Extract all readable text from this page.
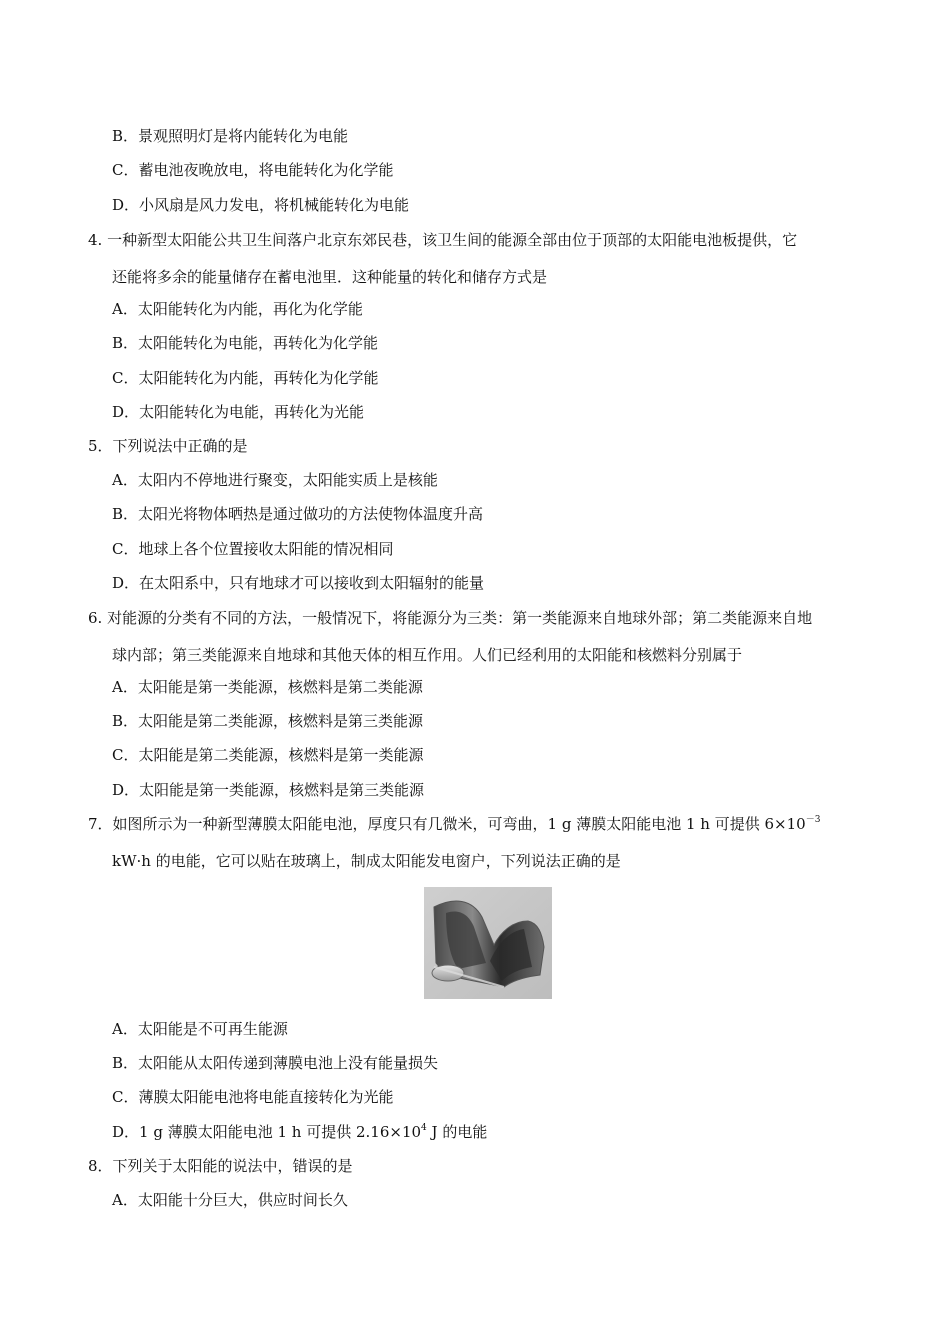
B．景观照明灯是将内能转化为电能
C．蓄电池夜晚放电，将电能转化为化学能
D．小风扇是风力发电，将机械能转化为电能
4. 一种新型太阳能公共卫生间落户北京东郊民巷，该卫生间的能源全部由位于顶部的太阳能电池板提供，它
还能将多余的能量储存在蓄电池里．这种能量的转化和储存方式是
A．太阳能转化为内能，再化为化学能
B．太阳能转化为电能，再转化为化学能
C．太阳能转化为内能，再转化为化学能
D．太阳能转化为电能，再转化为光能
5．下列说法中正确的是
A．太阳内不停地进行聚变，太阳能实质上是核能
B．太阳光将物体晒热是通过做功的方法使物体温度升高
C．地球上各个位置接收太阳能的情况相同
D．在太阳系中，只有地球才可以接收到太阳辐射的能量
6. 对能源的分类有不同的方法，一般情况下，将能源分为三类：第一类能源来自地球外部；第二类能源来自地
球内部；第三类能源来自地球和其他天体的相互作用。人们已经利用的太阳能和核燃料分别属于
A．太阳能是第一类能源，核燃料是第二类能源
B．太阳能是第二类能源，核燃料是第三类能源
C．太阳能是第二类能源，核燃料是第一类能源
D．太阳能是第一类能源，核燃料是第三类能源
7．如图所示为一种新型薄膜太阳能电池，厚度只有几微米，可弯曲，1 g 薄膜太阳能电池 1 h 可提供 $6\times 10^{-3}$
kW·h 的电能，它可以贴在玻璃上，制成太阳能发电窗户，下列说法正确的是
A．太阳能是不可再生能源
B．太阳能从太阳传递到薄膜电池上没有能量损失
C．薄膜太阳能电池将电能直接转化为光能
D．1 g 薄膜太阳能电池 1 h 可提供 $2.16\times 10^4$ J 的电能
8．下列关于太阳能的说法中，错误的是
A．太阳能十分巨大，供应时间长久
